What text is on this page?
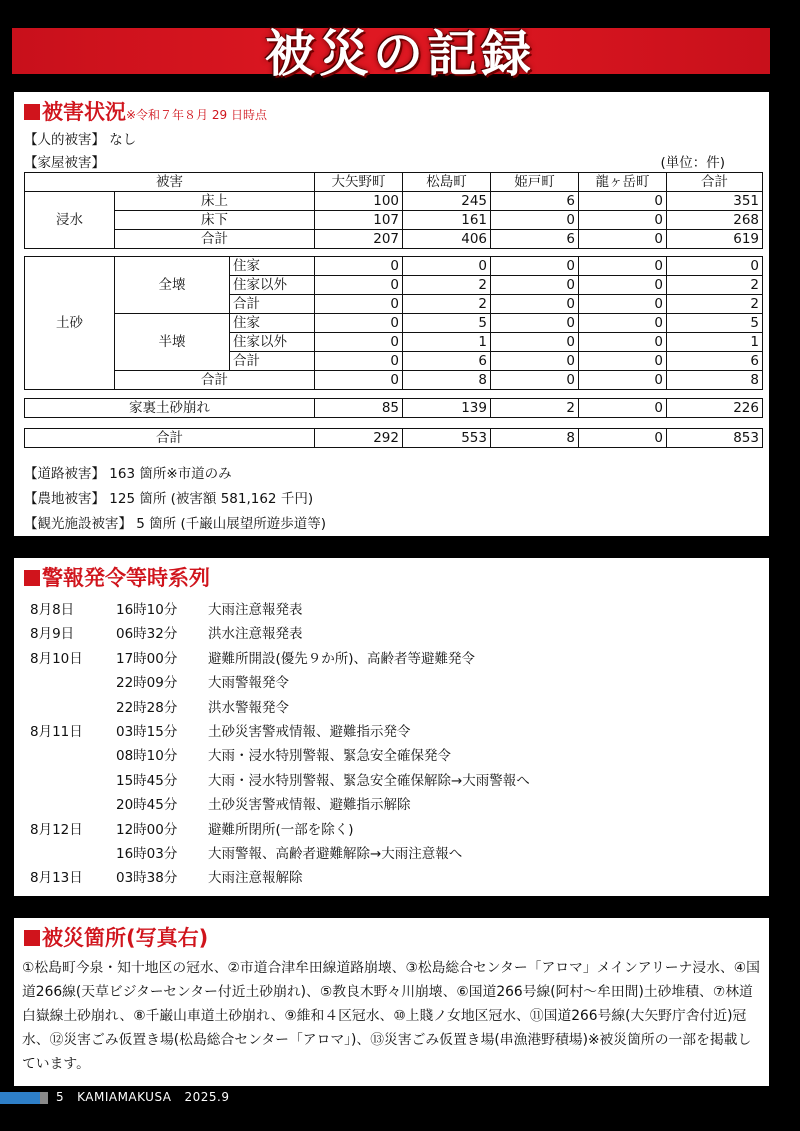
被災の記録
被害状況※令和７年８月 29 日時点
【人的被害】 なし
【家屋被害】	(単位：件)
被害		大矢野町	松島町	姫戸町	龍ヶ岳町	合計
浸水	床上	100	245	6	0	351
	床下	107	161	0	0	268
	合計	207	406	6	0	619
土砂	全壊	住家	0	0	0	0	0
		住家以外	0	2	0	0	2
		合計	0	2	0	0	2
	半壊	住家	0	5	0	0	5
		住家以外	0	1	0	0	1
		合計	0	6	0	0	6
	合計		0	8	0	0	8
家裏土砂崩れ	85	139	2	0	226
合計	292	553	8	0	853
【道路被害】 163 箇所※市道のみ
【農地被害】 125 箇所 (被害額 581,162 千円)
【観光施設被害】 5 箇所 (千巌山展望所遊歩道等)
警報発令等時系列
8月8日	16時10分 大雨注意報発表
8月9日	06時32分 洪水注意報発表
8月10日 17時00分 避難所開設(優先９か所)、高齢者等避難発令
22時09分 大雨警報発令
22時28分 洪水警報発令
8月11日 03時15分 土砂災害警戒情報、避難指示発令
08時10分 大雨・浸水特別警報、緊急安全確保発令
15時45分 大雨・浸水特別警報、緊急安全確保解除→大雨警報へ
20時45分 土砂災害警戒情報、避難指示解除
8月12日 12時00分 避難所閉所(一部を除く)
16時03分 大雨警報、高齢者避難解除→大雨注意報へ
8月13日 03時38分 大雨注意報解除
被災箇所(写真右)
①松島町今泉・知十地区の冠水、②市道合津牟田線道路崩壊、③松島総合センター「アロマ」メインアリーナ浸水、④国道266線(天草ビジターセンター付近土砂崩れ)、⑤教良木野々川崩壊、⑥国道266号線(阿村〜牟田間)土砂堆積、⑦林道白嶽線土砂崩れ、⑧千巌山車道土砂崩れ、⑨維和４区冠水、⑩上賤ノ女地区冠水、⑪国道266号線(大矢野庁舎付近)冠水、⑫災害ごみ仮置き場(松島総合センター「アロマ」)、⑬災害ごみ仮置き場(串漁港野積場)※被災箇所の一部を掲載しています。
5 KAMIAMAKUSA 2025.9
